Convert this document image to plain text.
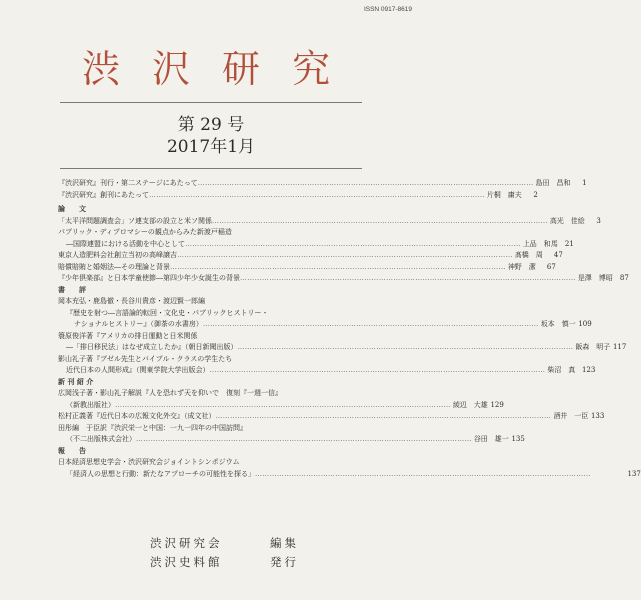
ISSN 0917-8619
渋 沢 研 究
第 29 号
2017年1月
『渋沢研究』刊行・第二ステージにあたって …………………………………………………………………………………………………………………………	島田　昌和	1
『渋沢研究』創刊にあたって …………………………………………………………………………………………………………………………	片桐　庸夫	2
論　　文
「太平洋問題調査会」ソ連支部の設立と米ソ関係 …………………………………………………………………………………………………………………………	高光　佳絵	3
パブリック・ディプロマシーの観点からみた新渡戸稲造
―国際連盟における活動を中心として …………………………………………………………………………………………………………………………	上品　和馬	21
東京人造肥料会社創立当初の高峰譲吉 …………………………………………………………………………………………………………………………	髙橋　周	47
賠償賠賄と婚姻法―その理論と背景 …………………………………………………………………………………………………………………………	神野　潔	67
『少年倶楽部』と日本学童使節―第四少年少女誕生の背景 …………………………………………………………………………………………………………………………	是澤　博昭	87
書　　評
岡本充弘・鹿島徹・長谷川貴彦・渡辺賢一郎編
『歴史を射つ―言語論的転回・文化史・パブリックヒストリー・
ナショナルヒストリー』（御茶の水書房） …………………………………………………………………………………………………………………………	坂本　慎一 109
簑原俊洋著『アメリカの排日運動と日米関係
―「排日移民法」はなぜ成立したか』（朝日新聞出版） …………………………………………………………………………………………………………………………	飯森　明子 117
影山礼子著『ブゼル先生とバイブル・クラスの学生たち
近代日本の人間形成』（関東学院大学出版会） …………………………………………………………………………………………………………………………	柴沼　真 123
新 刊 紹 介
広岡浅子著・影山礼子解説『人を恐れず天を仰いで　復刻『一週一信』
（新教出版社） …………………………………………………………………………………………………………………………	綾辺　大雄 129
松村正義著『近代日本の広報文化外交』（成文社） …………………………………………………………………………………………………………………………	酒井　一臣 133
田彤編　于臣訳『渋沢栄一と中国：一九一四年の中国訪問』
（不二出版株式会社） …………………………………………………………………………………………………………………………	谷田　雄一 135
報　　告
日本経済思想史学会・渋沢研究会ジョイントシンポジウム
「経済人の思想と行動：新たなアプローチの可能性を探る」 …………………………………………………………………………………………………………………………	137
渋沢研究会	編集
渋沢史料館	発行
